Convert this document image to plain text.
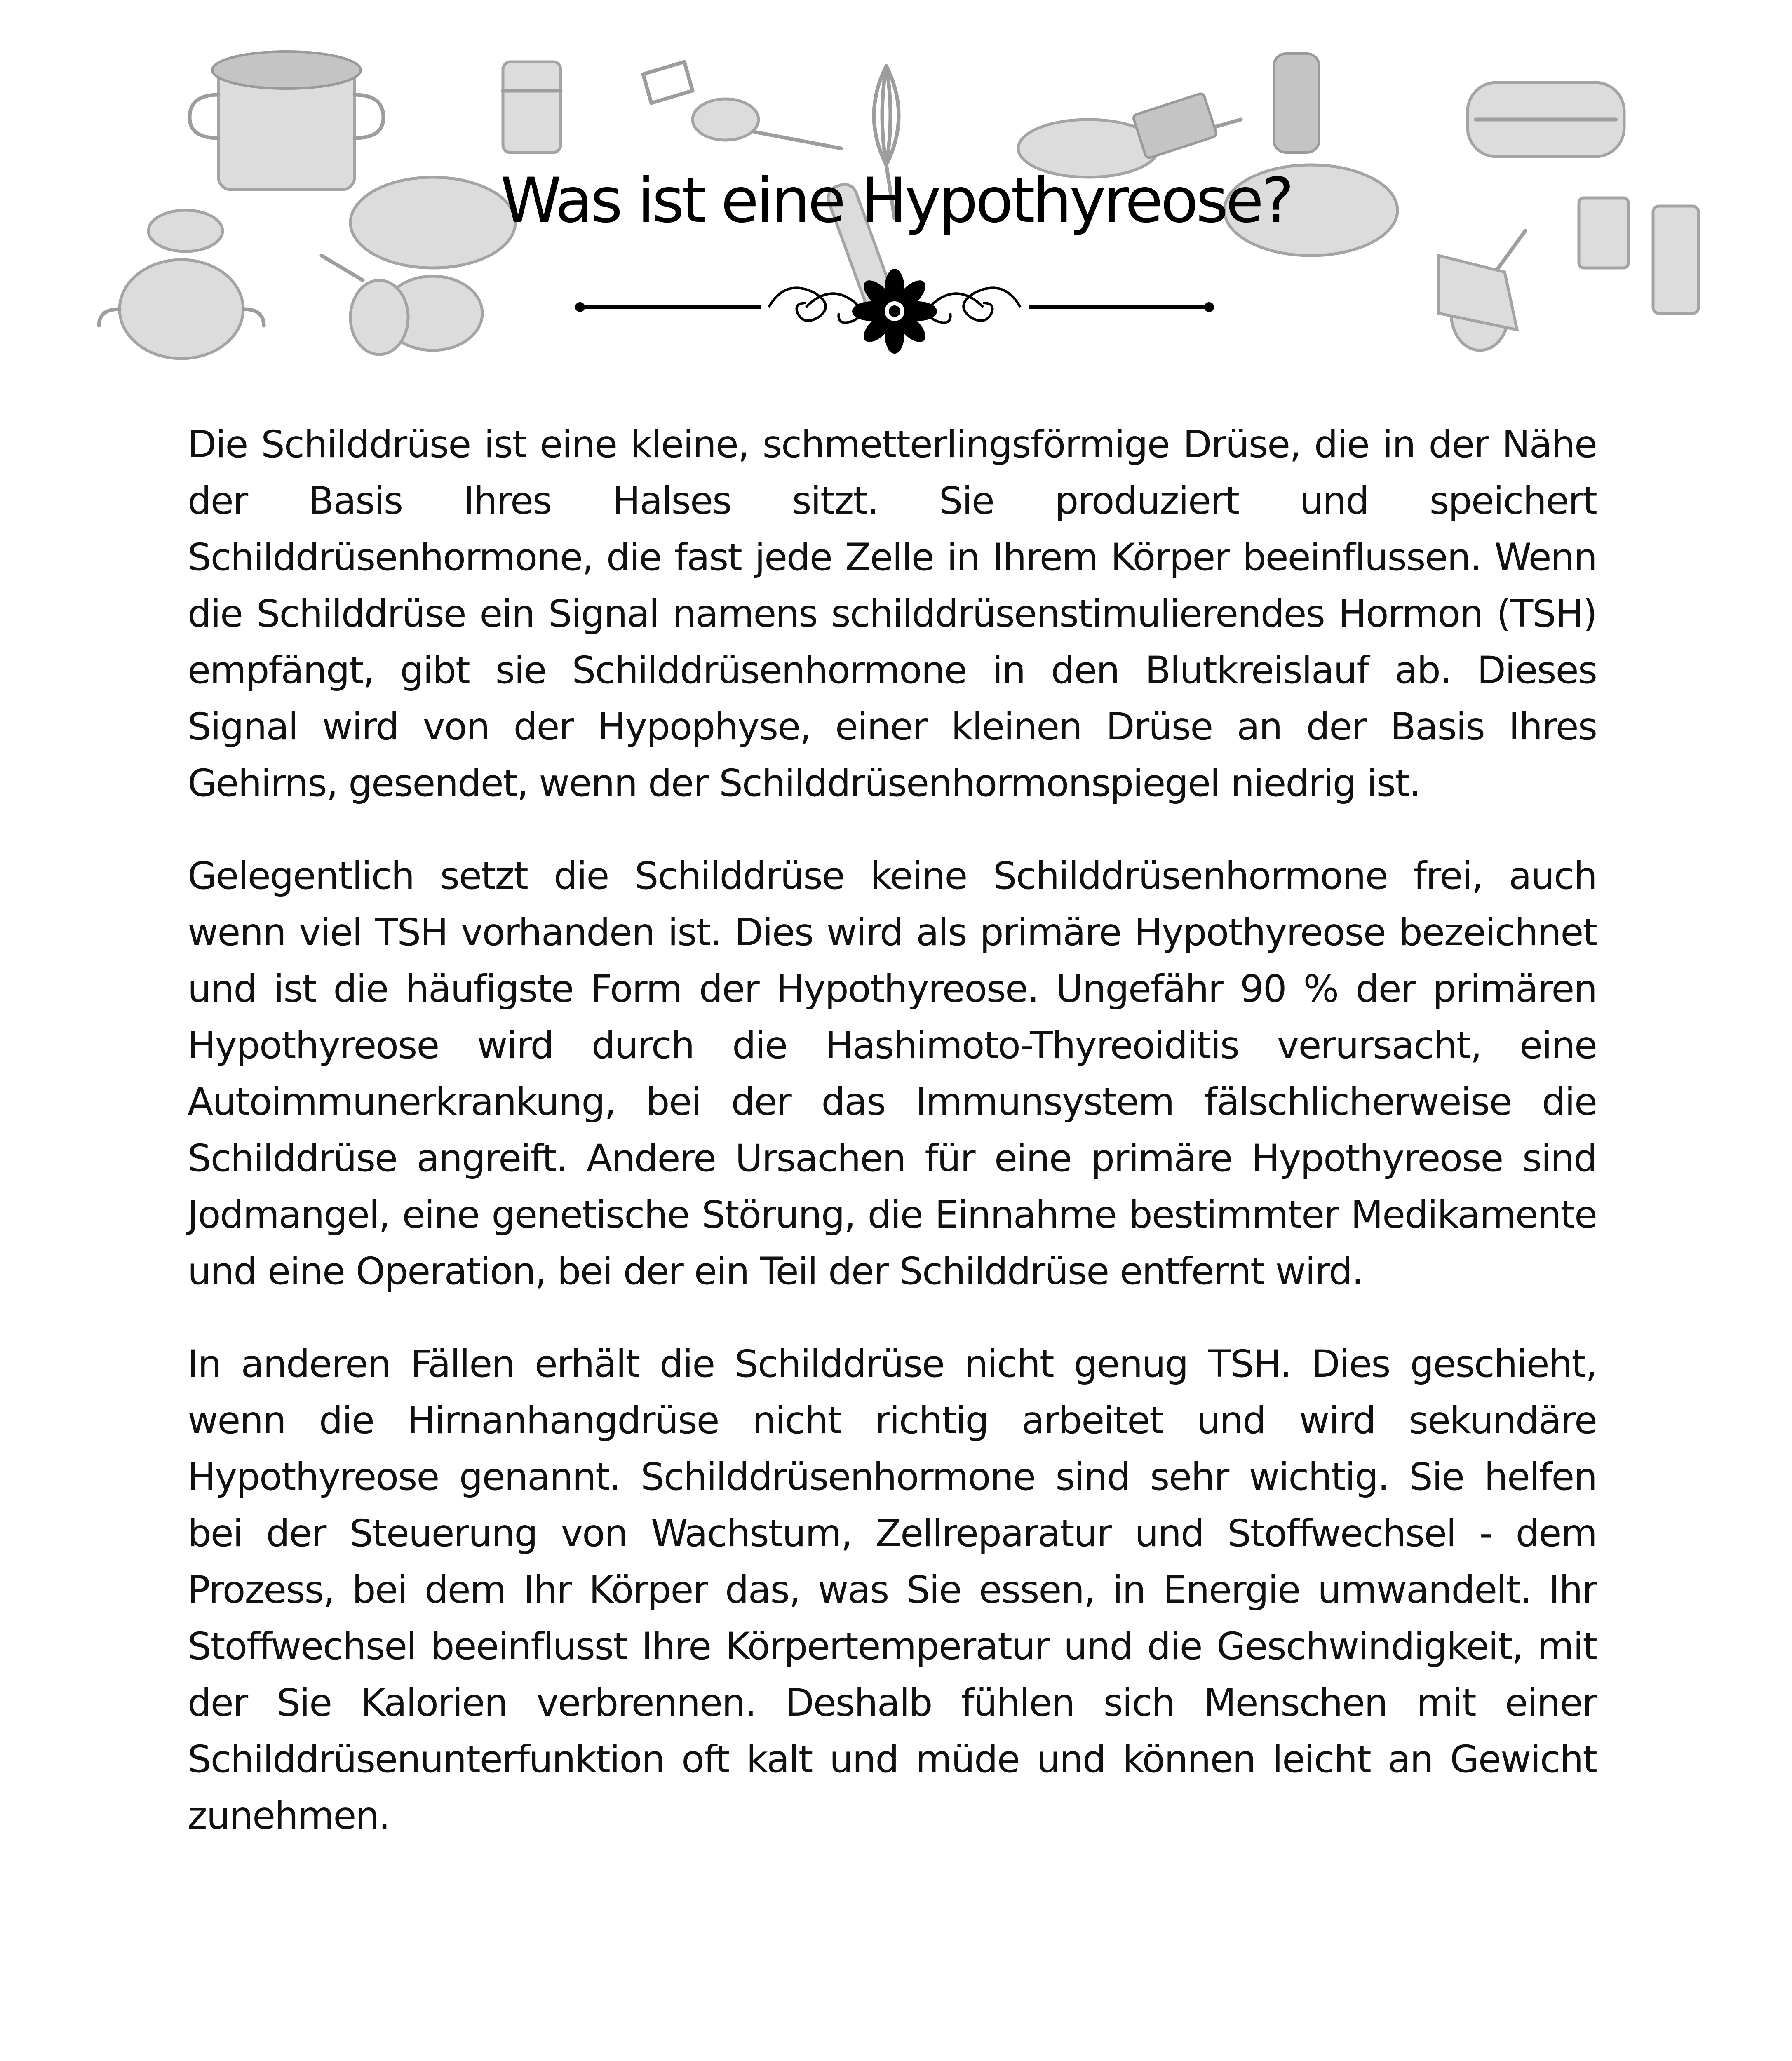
Was ist eine Hypothyreose?

Die Schilddrüse ist eine kleine, schmetterlingsförmige Drüse, die in der Nähe der Basis Ihres Halses sitzt. Sie produziert und speichert Schilddrüsenhormone, die fast jede Zelle in Ihrem Körper beeinflussen. Wenn die Schilddrüse ein Signal namens schilddrüsenstimulierendes Hormon (TSH) empfängt, gibt sie Schilddrüsenhormone in den Blutkreislauf ab. Dieses Signal wird von der Hypophyse, einer kleinen Drüse an der Basis Ihres Gehirns, gesendet, wenn der Schilddrüsenhormonspiegel niedrig ist.

Gelegentlich setzt die Schilddrüse keine Schilddrüsenhormone frei, auch wenn viel TSH vorhanden ist. Dies wird als primäre Hypothyreose bezeichnet und ist die häufigste Form der Hypothyreose. Ungefähr 90 % der primären Hypothyreose wird durch die Hashimoto-Thyreoiditis verursacht, eine Autoimmunerkrankung, bei der das Immunsystem fälschlicherweise die Schilddrüse angreift. Andere Ursachen für eine primäre Hypothyreose sind Jodmangel, eine genetische Störung, die Einnahme bestimmter Medikamente und eine Operation, bei der ein Teil der Schilddrüse entfernt wird.

In anderen Fällen erhält die Schilddrüse nicht genug TSH. Dies geschieht, wenn die Hirnanhangdrüse nicht richtig arbeitet und wird sekundäre Hypothyreose genannt. Schilddrüsenhormone sind sehr wichtig. Sie helfen bei der Steuerung von Wachstum, Zellreparatur und Stoffwechsel - dem Prozess, bei dem Ihr Körper das, was Sie essen, in Energie umwandelt. Ihr Stoffwechsel beeinflusst Ihre Körpertemperatur und die Geschwindigkeit, mit der Sie Kalorien verbrennen. Deshalb fühlen sich Menschen mit einer Schilddrüsenunterfunktion oft kalt und müde und können leicht an Gewicht zunehmen.
